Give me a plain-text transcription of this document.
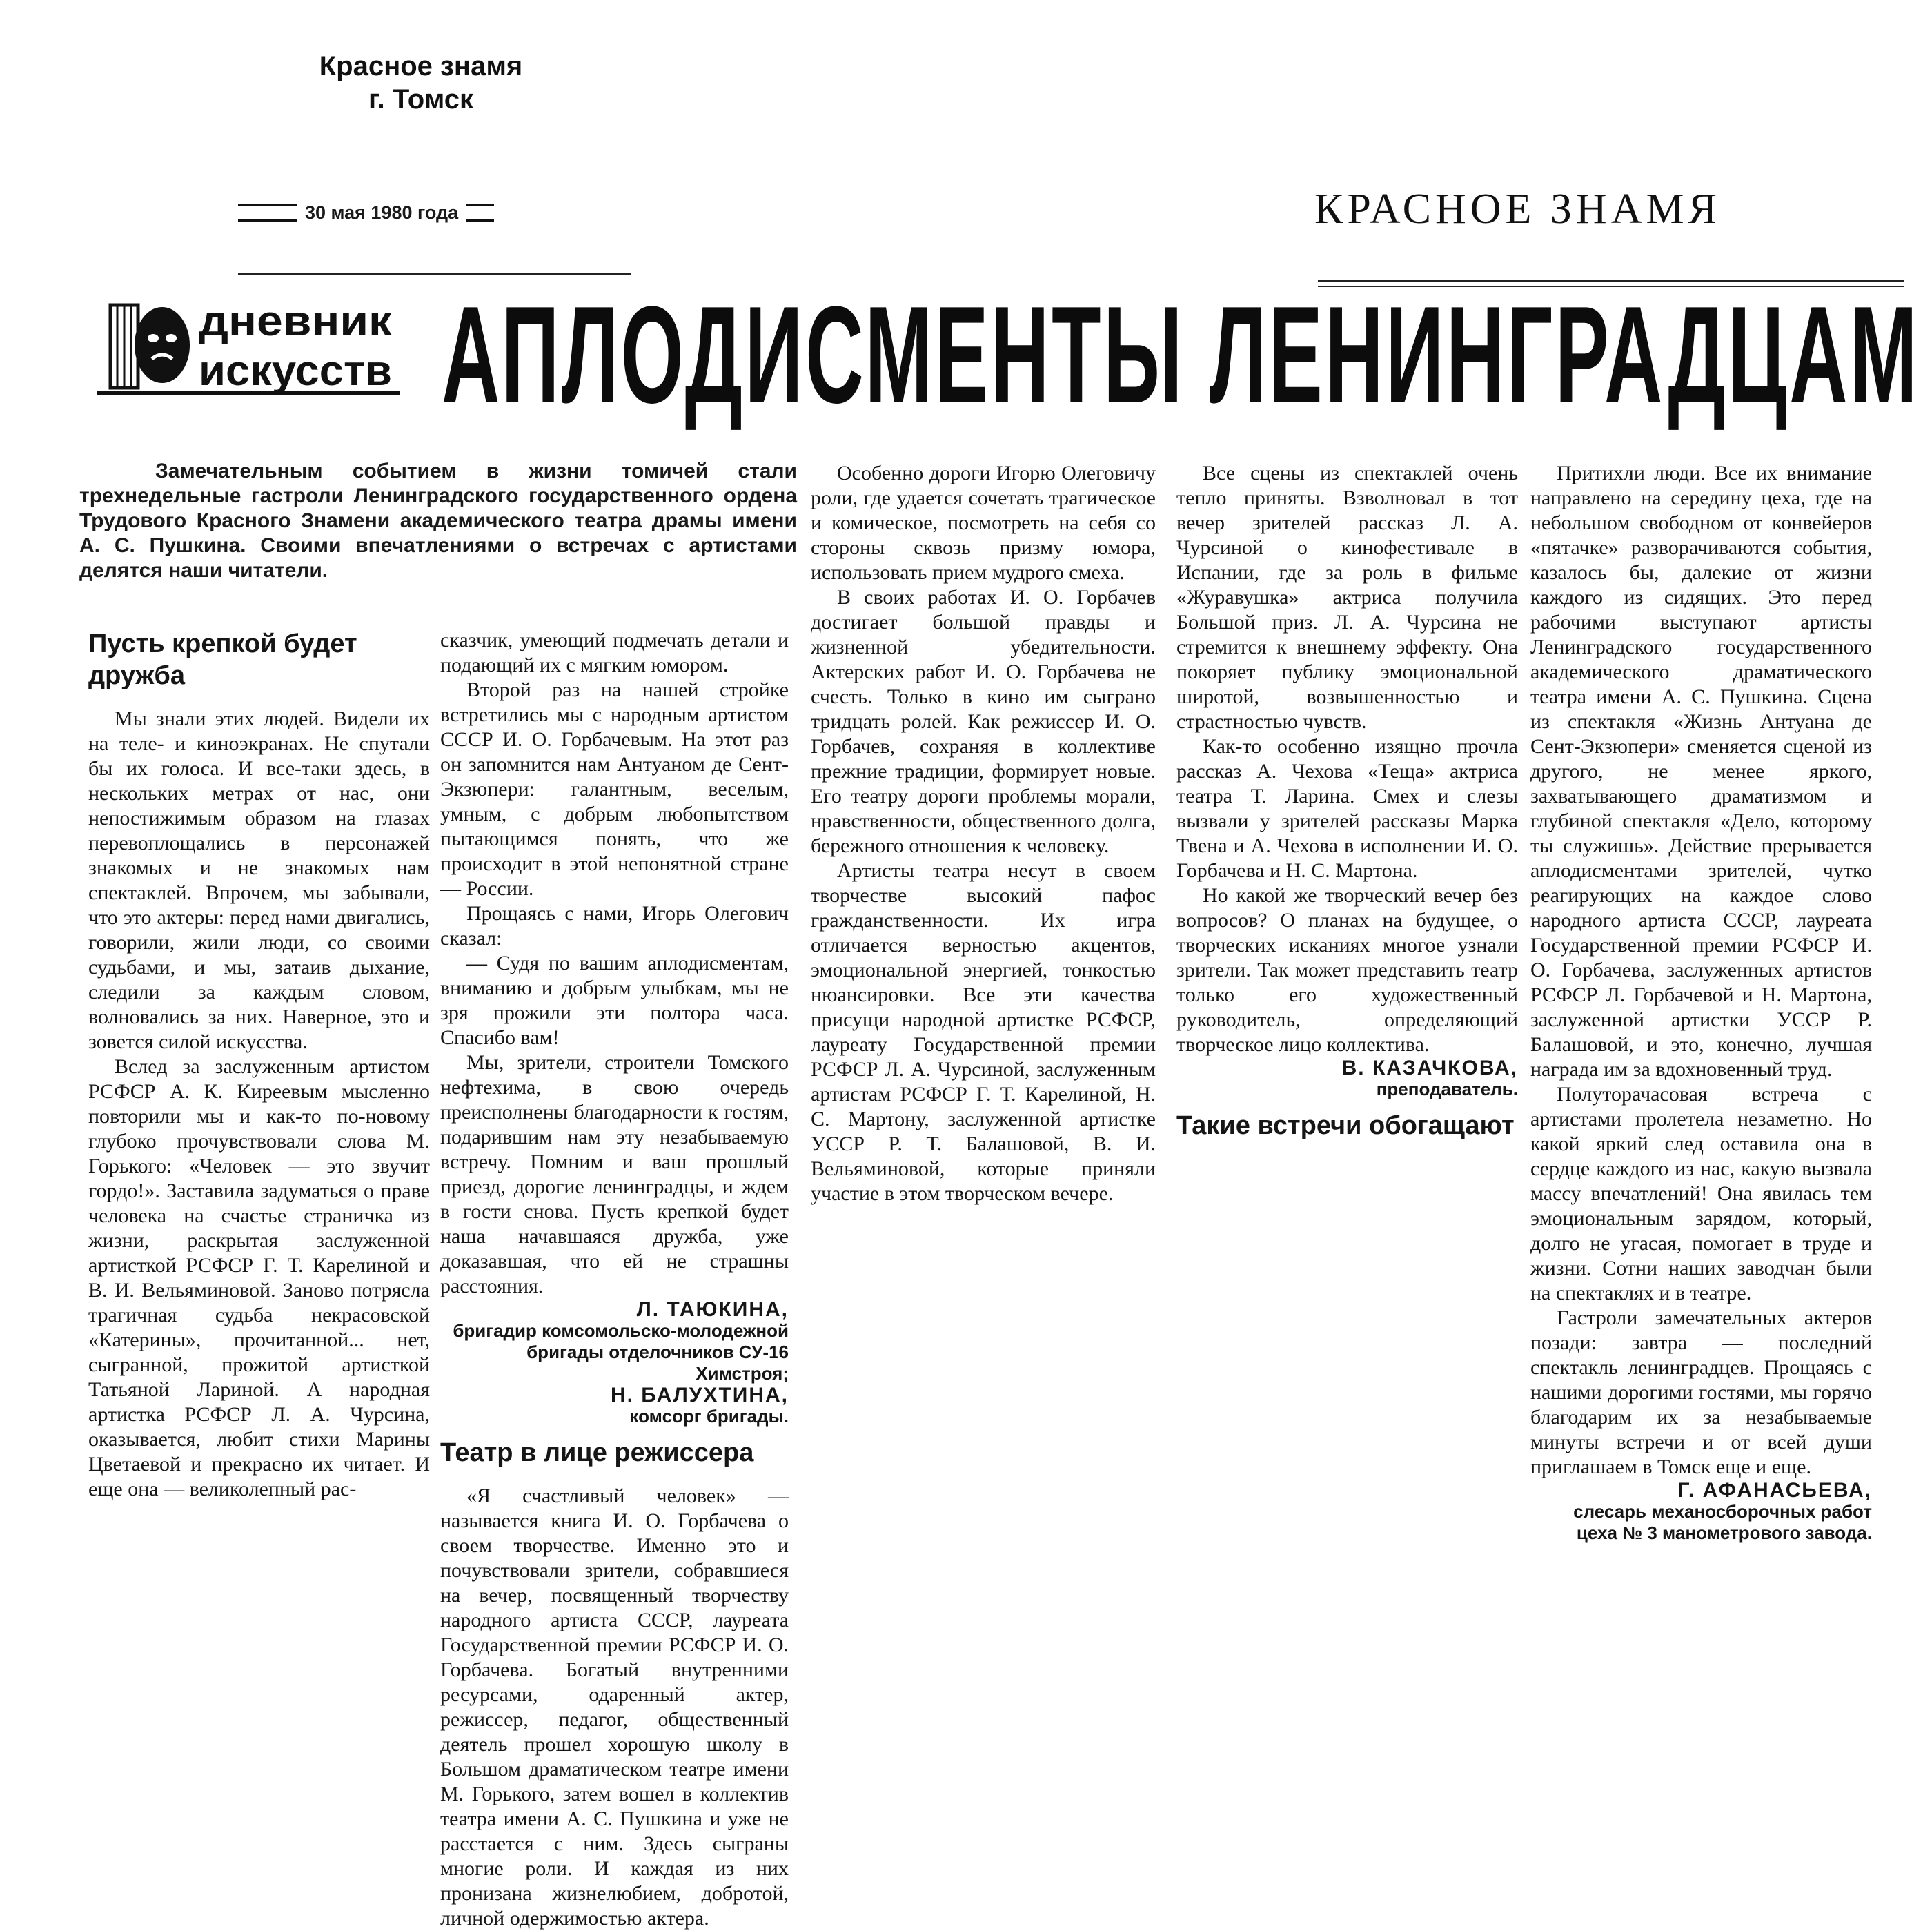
Красное знамя
г. Томск
30 мая 1980 года	КРАСНОЕ ЗНАМЯ
дневник
искусств АПЛОДИСМЕНТЫ ЛЕНИНГРАДЦАМ
Замечательным событием в жизни томичей стали трехнедельные гастроли Ленинградского государственного ордена Трудового Красного Знамени академического театра драмы имени А. С. Пушкина. Своими впечатлениями о встречах с артистами делятся наши читатели.
Пусть крепкой будет дружба

Мы знали этих людей. Видели их на теле- и киноэкранах. Не спутали бы их голоса. И все-таки здесь, в нескольких метрах от нас, они непостижимым образом на глазах перевоплощались в персонажей знакомых и не знакомых нам спектаклей. Впрочем, мы забывали, что это актеры: перед нами двигались, говорили, жили люди, со своими судьбами, и мы, затаив дыхание, следили за каждым словом, волновались за них. Наверное, это и зовется силой искусства.

Вслед за заслуженным артистом РСФСР А. К. Киреевым мысленно повторили мы и как-то по-новому глубоко прочувствовали слова М. Горького: «Человек — это звучит гордо!». Заставила задуматься о праве человека на счастье страничка из жизни, раскрытая заслуженной артисткой РСФСР Г. Т. Карелиной и В. И. Вельяминовой. Заново потрясла трагичная судьба некрасовской «Катерины», прочитанной... нет, сыгранной, прожитой артисткой Татьяной Лариной. А народная артистка РСФСР Л. А. Чурсина, оказывается, любит стихи Марины Цветаевой и прекрасно их читает. И еще она — великолепный рас-

сказчик, умеющий подмечать детали и подающий их с мягким юмором.

Второй раз на нашей стройке встретились мы с народным артистом СССР И. О. Горбачевым. На этот раз он запомнится нам Антуаном де Сент-Экзюпери: галантным, веселым, умным, с добрым любопытством пытающимся понять, что же происходит в этой непонятной стране — России.

Прощаясь с нами, Игорь Олегович сказал:

— Судя по вашим аплодисментам, вниманию и добрым улыбкам, мы не зря прожили эти полтора часа. Спасибо вам!

Мы, зрители, строители Томского нефтехима, в свою очередь преисполнены благодарности к гостям, подарившим нам эту незабываемую встречу. Помним и ваш прошлый приезд, дорогие ленинградцы, и ждем в гости снова. Пусть крепкой будет наша начавшаяся дружба, уже доказавшая, что ей не страшны расстояния.

Л. ТАЮКИНА,
бригадир комсомольско-молодежной бригады отделочников СУ-16 Химстроя;
Н. БАЛУХТИНА,
комсорг бригады.
Театр в лице режиссера

«Я счастливый человек» — называется книга И. О. Горбачева о своем творчестве. Именно это и почувствовали зрители, собравшиеся на вечер, посвященный творчеству народного артиста СССР, лауреата Государственной премии РСФСР И. О. Горбачева. Богатый внутренними ресурсами, одаренный актер, режиссер, педагог, общественный деятель прошел хорошую школу в Большом драматическом театре имени М. Горького, затем вошел в коллектив театра имени А. С. Пушкина и уже не расстается с ним. Здесь сыграны многие роли. И каждая из них пронизана жизнелюбием, добротой, личной одержимостью актера.

Особенно дороги Игорю Олеговичу роли, где удается сочетать трагическое и комическое, посмотреть на себя со стороны сквозь призму юмора, использовать прием мудрого смеха.

В своих работах И. О. Горбачев достигает большой правды и жизненной убедительности. Актерских работ И. О. Горбачева не счесть. Только в кино им сыграно тридцать ролей. Как режиссер И. О. Горбачев, сохраняя в коллективе прежние традиции, формирует новые. Его театру дороги проблемы морали, нравственности, общественного долга, бережного отношения к человеку.

Артисты театра несут в своем творчестве высокий пафос гражданственности. Их игра отличается верностью акцентов, эмоциональной энергией, тонкостью нюансировки. Все эти качества присущи народной артистке РСФСР, лауреату Государственной премии РСФСР Л. А. Чурсиной, заслуженным артистам РСФСР Г. Т. Карелиной, Н. С. Мартону, заслуженной артистке УССР Р. Т. Балашовой, В. И. Вельяминовой, которые приняли участие в этом творческом вечере.

Все сцены из спектаклей очень тепло приняты. Взволновал в тот вечер зрителей рассказ Л. А. Чурсиной о кинофестивале в Испании, где за роль в фильме «Журавушка» актриса получила Большой приз. Л. А. Чурсина не стремится к внешнему эффекту. Она покоряет публику эмоциональной широтой, возвышенностью и страстностью чувств.

Как-то особенно изящно прочла рассказ А. Чехова «Теща» актриса театра Т. Ларина. Смех и слезы вызвали у зрителей рассказы Марка Твена и А. Чехова в исполнении И. О. Горбачева и Н. С. Мартона.

Но какой же творческий вечер без вопросов? О планах на будущее, о творческих исканиях многое узнали зрители. Так может представить театр только его художественный руководитель, определяющий творческое лицо коллектива.

В. КАЗАЧКОВА,
преподаватель.
Такие встречи обогащают

Притихли люди. Все их внимание направлено на середину цеха, где на небольшом свободном от конвейеров «пятачке» разворачиваются события, казалось бы, далекие от жизни каждого из сидящих. Это перед рабочими выступают артисты Ленинградского государственного академического драматического театра имени А. С. Пушкина. Сцена из спектакля «Жизнь Антуана де Сент-Экзюпери» сменяется сценой из другого, не менее яркого, захватывающего драматизмом и глубиной спектакля «Дело, которому ты служишь». Действие прерывается аплодисментами зрителей, чутко реагирующих на каждое слово народного артиста СССР, лауреата Государственной премии РСФСР И. О. Горбачева, заслуженных артистов РСФСР Л. Горбачевой и Н. Мартона, заслуженной артистки УССР Р. Балашовой, и это, конечно, лучшая награда им за вдохновенный труд.

Полуторачасовая встреча с артистами пролетела незаметно. Но какой яркий след оставила она в сердце каждого из нас, какую вызвала массу впечатлений! Она явилась тем эмоциональным зарядом, который, долго не угасая, помогает в труде и жизни. Сотни наших заводчан были на спектаклях и в театре.

Гастроли замечательных актеров позади: завтра — последний спектакль ленинградцев. Прощаясь с нашими дорогими гостями, мы горячо благодарим их за незабываемые минуты встречи и от всей души приглашаем в Томск еще и еще.

Г. АФАНАСЬЕВА,
слесарь механосборочных работ цеха № 3 манометрового завода.
